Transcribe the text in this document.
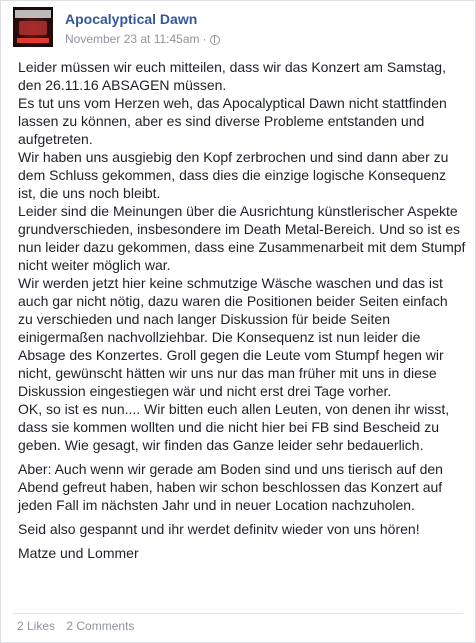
Apocalyptical Dawn
November 23 at 11:45am ·

Leider müssen wir euch mitteilen, dass wir das Konzert am Samstag,
den 26.11.16 ABSAGEN müssen.
Es tut uns vom Herzen weh, das Apocalyptical Dawn nicht stattfinden
lassen zu können, aber es sind diverse Probleme entstanden und
aufgetreten.
Wir haben uns ausgiebig den Kopf zerbrochen und sind dann aber zu
dem Schluss gekommen, dass dies die einzige logische Konsequenz
ist, die uns noch bleibt.
Leider sind die Meinungen über die Ausrichtung künstlerischer Aspekte
grundverschieden, insbesondere im Death Metal-Bereich. Und so ist es
nun leider dazu gekommen, dass eine Zusammenarbeit mit dem Stumpf
nicht weiter möglich war.
Wir werden jetzt hier keine schmutzige Wäsche waschen und das ist
auch gar nicht nötig, dazu waren die Positionen beider Seiten einfach
zu verschieden und nach langer Diskussion für beide Seiten
einigermaßen nachvollziehbar. Die Konsequenz ist nun leider die
Absage des Konzertes. Groll gegen die Leute vom Stumpf hegen wir
nicht, gewünscht hätten wir uns nur das man früher mit uns in diese
Diskussion eingestiegen wär und nicht erst drei Tage vorher.
OK, so ist es nun.... Wir bitten euch allen Leuten, von denen ihr wisst,
dass sie kommen wollten und die nicht hier bei FB sind Bescheid zu
geben. Wie gesagt, wir finden das Ganze leider sehr bedauerlich.

Aber: Auch wenn wir gerade am Boden sind und uns tierisch auf den
Abend gefreut haben, haben wir schon beschlossen das Konzert auf
jeden Fall im nächsten Jahr und in neuer Location nachzuholen.

Seid also gespannt und ihr werdet definitv wieder von uns hören!

Matze und Lommer

2 Likes 2 Comments
